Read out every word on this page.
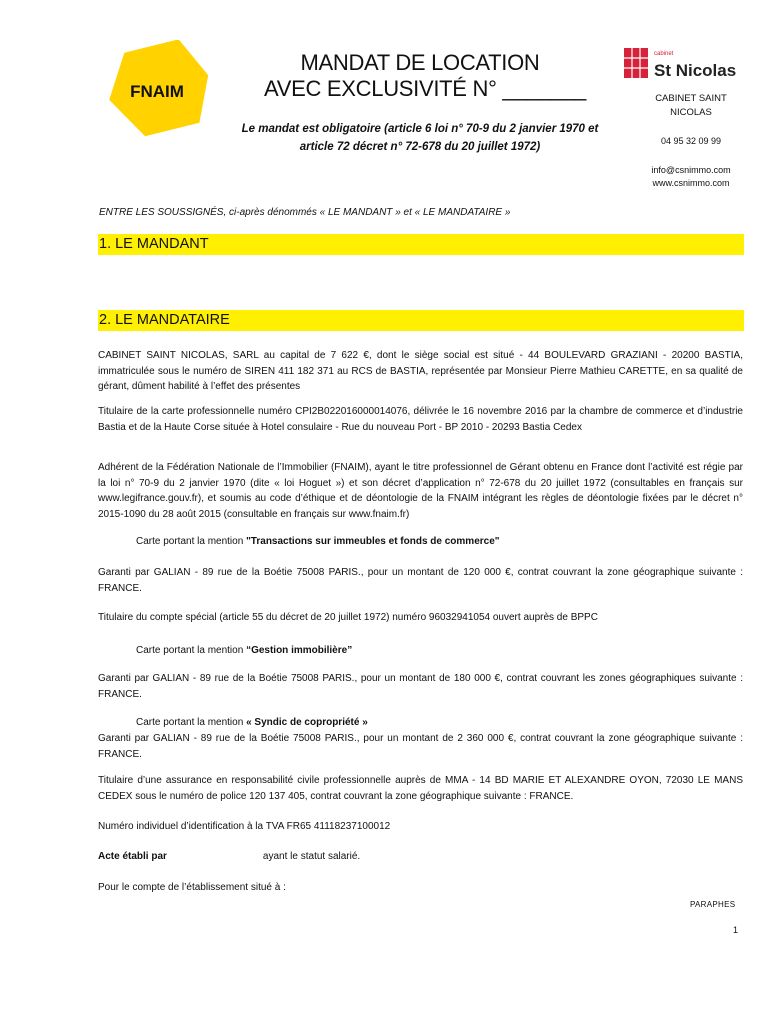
FNAIM
MANDAT DE LOCATION
AVEC EXCLUSIVITÉ N° _______
Le mandat est obligatoire (article 6 loi n° 70-9 du 2 janvier 1970 et
article 72 décret n° 72-678 du 20 juillet 1972)
cabinet
St Nicolas
CABINET SAINT
NICOLAS
04 95 32 09 99
info@csnimmo.com
www.csnimmo.com
ENTRE LES SOUSSIGNÉS, ci-après dénommés « LE MANDANT » et « LE MANDATAIRE »
1. LE MANDANT
2. LE MANDATAIRE
CABINET SAINT NICOLAS, SARL au capital de 7 622 €, dont le siège social est situé - 44 BOULEVARD GRAZIANI - 20200 BASTIA, immatriculée sous le numéro de SIREN 411 182 371 au RCS de BASTIA, représentée par Monsieur Pierre Mathieu CARETTE, en sa qualité de gérant, dûment habilité à l’effet des présentes
Titulaire de la carte professionnelle numéro CPI2B022016000014076, délivrée le 16 novembre 2016 par la chambre de commerce et d’industrie Bastia et de la Haute Corse située à Hotel consulaire - Rue du nouveau Port - BP 2010 - 20293 Bastia Cedex
Adhérent de la Fédération Nationale de l’Immobilier (FNAIM), ayant le titre professionnel de Gérant obtenu en France dont l’activité est régie par la loi n° 70-9 du 2 janvier 1970 (dite « loi Hoguet ») et son décret d’application n° 72-678 du 20 juillet 1972 (consultables en français sur www.legifrance.gouv.fr), et soumis au code d’éthique et de déontologie de la FNAIM intégrant les règles de déontologie fixées par le décret n° 2015-1090 du 28 août 2015 (consultable en français sur www.fnaim.fr)
Carte portant la mention "Transactions sur immeubles et fonds de commerce"
Garanti par GALIAN - 89 rue de la Boétie 75008 PARIS., pour un montant de 120 000 €, contrat couvrant la zone géographique suivante : FRANCE.
Titulaire du compte spécial (article 55 du décret de 20 juillet 1972) numéro 96032941054 ouvert auprès de BPPC
Carte portant la mention “Gestion immobilière”
Garanti par GALIAN - 89 rue de la Boétie 75008 PARIS., pour un montant de 180 000 €, contrat couvrant les zones géographiques suivante : FRANCE.
Carte portant la mention « Syndic de copropriété »
Garanti par GALIAN - 89 rue de la Boétie 75008 PARIS., pour un montant de 2 360 000 €, contrat couvrant la zone géographique suivante : FRANCE.
Titulaire d’une assurance en responsabilité civile professionnelle auprès de MMA - 14 BD MARIE ET ALEXANDRE OYON, 72030 LE MANS CEDEX sous le numéro de police 120 137 405, contrat couvrant la zone géographique suivante : FRANCE.
Numéro individuel d’identification à la TVA FR65 41118237100012
Acte établi par	ayant le statut salarié.
Pour le compte de l’établissement situé à :
PARAPHES
1
